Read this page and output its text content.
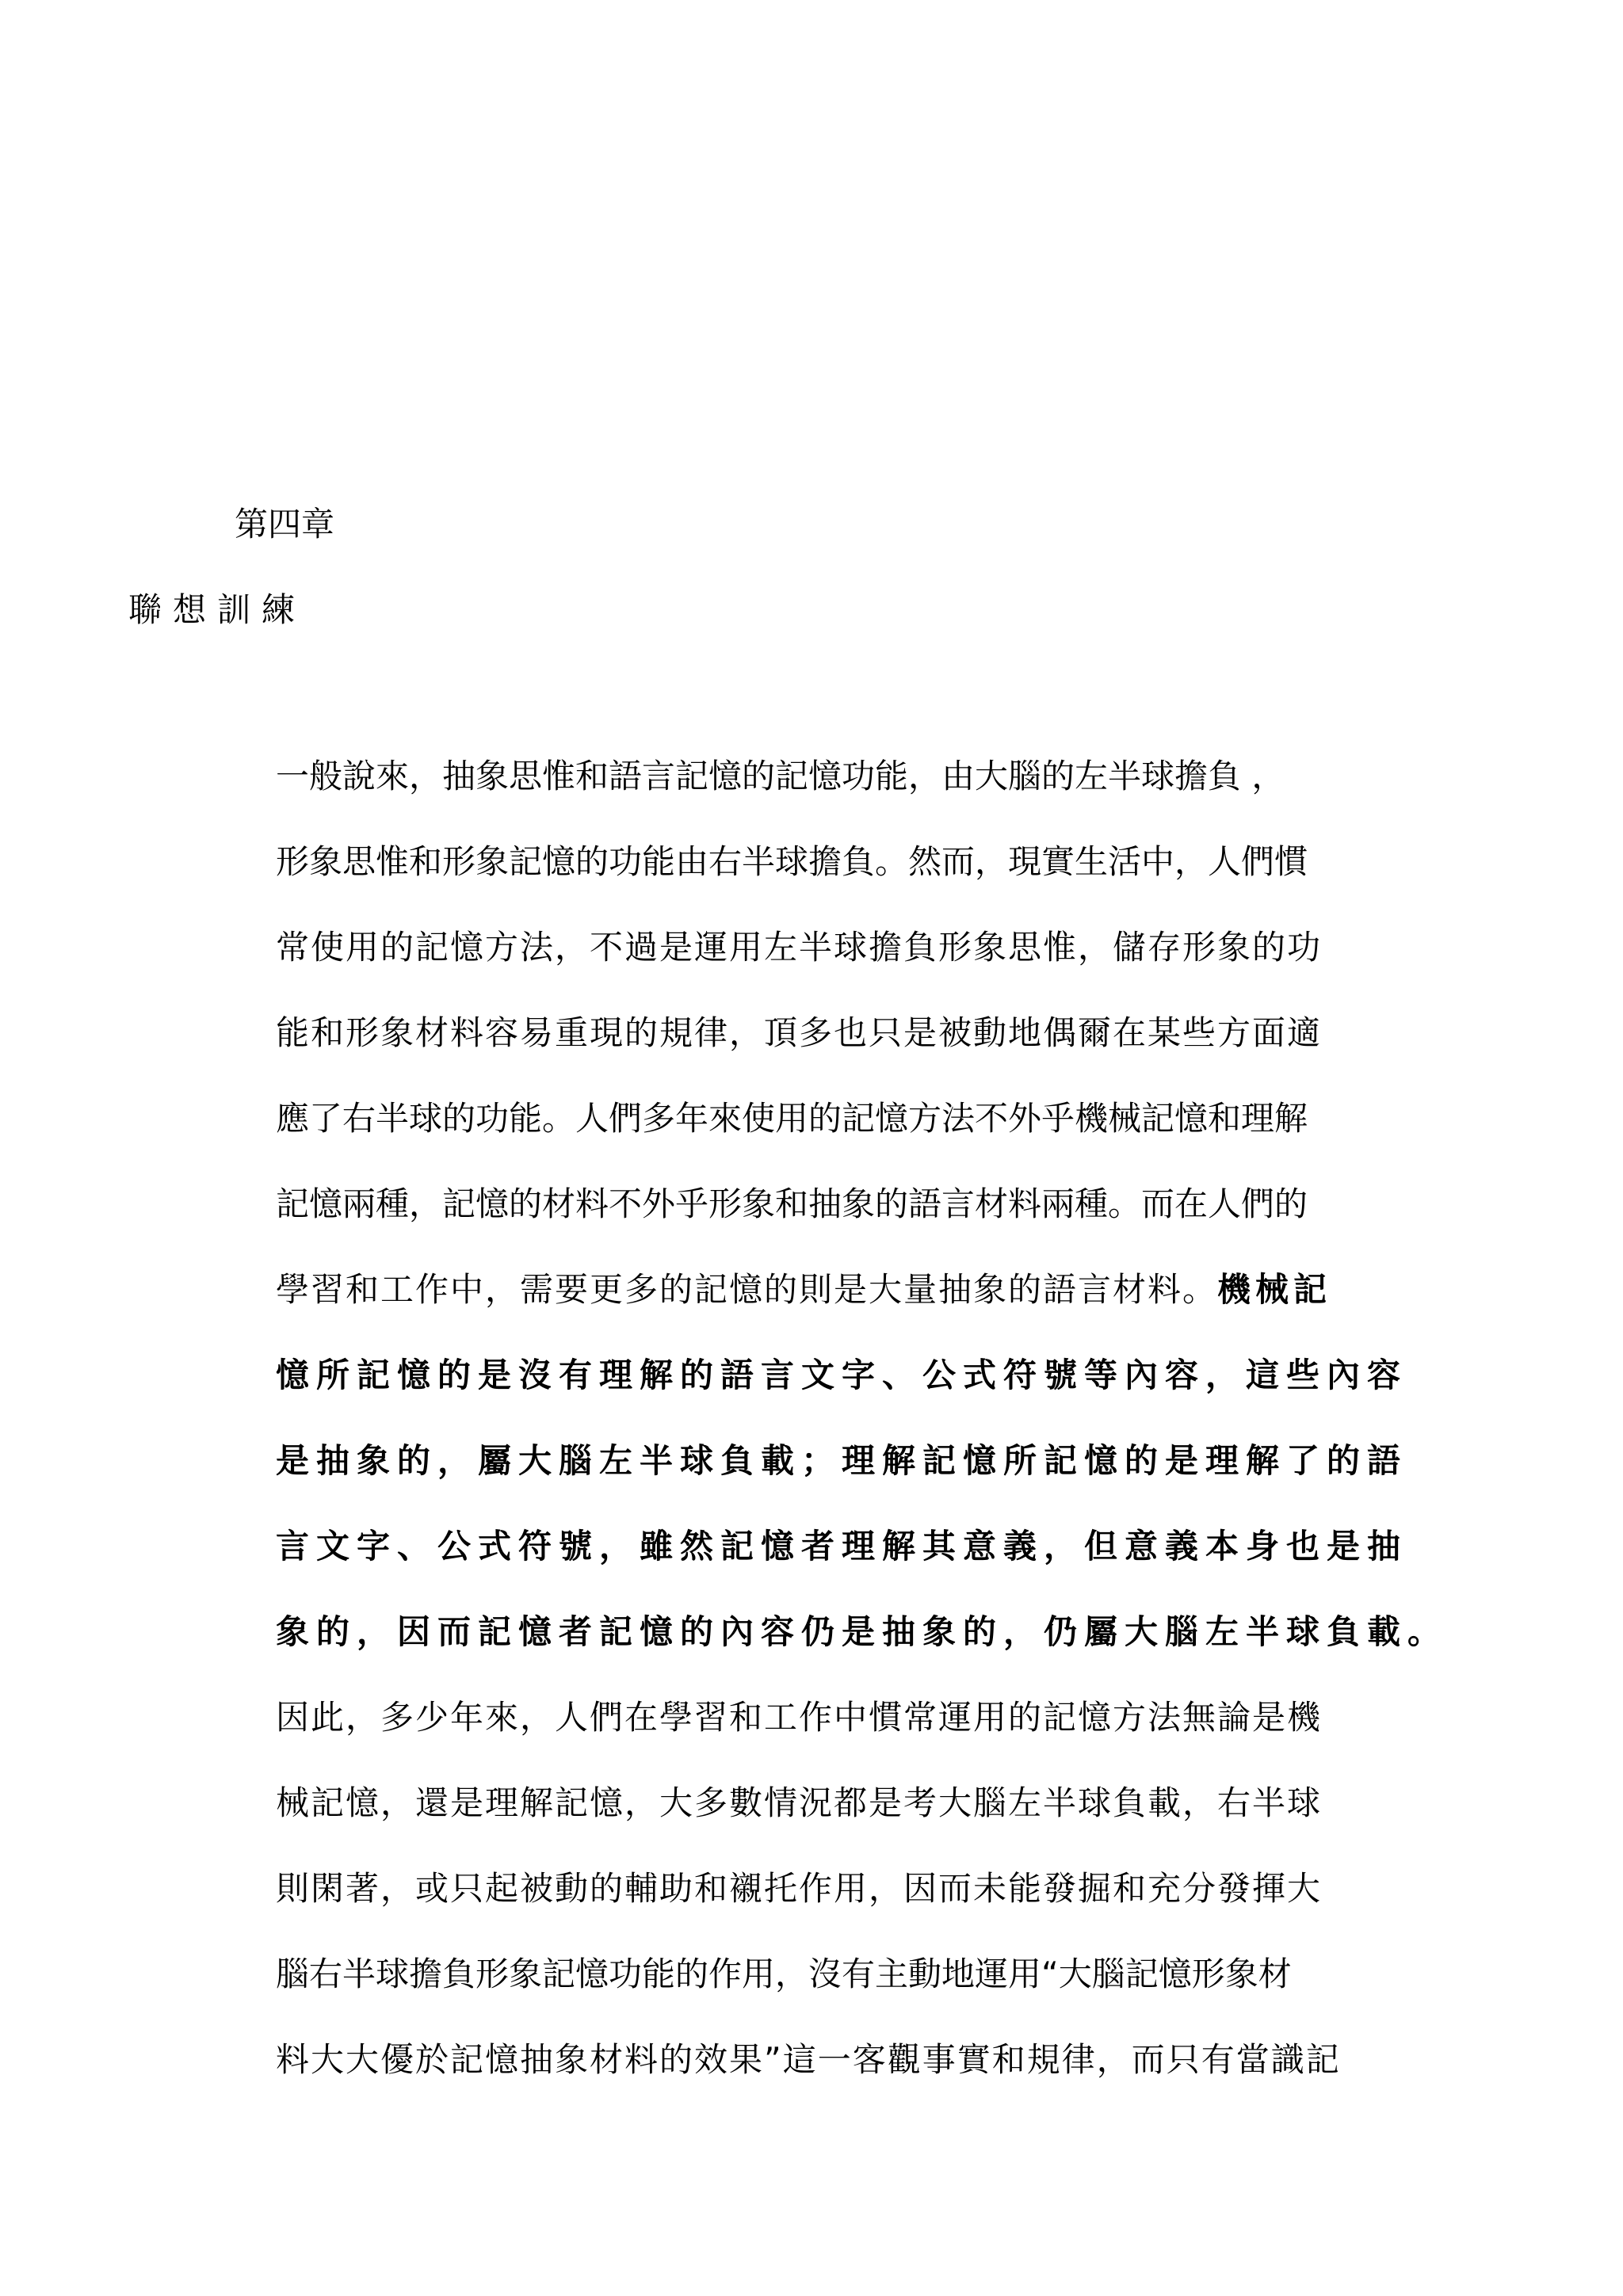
第四章
聯想訓練
一般說來，抽象思惟和語言記憶的記憶功能，由大腦的左半球擔負 ，
形象思惟和形象記憶的功能由右半球擔負。然而，現實生活中，人們慣
常使用的記憶方法，不過是運用左半球擔負形象思惟，儲存形象的功
能和形象材料容易重現的規律，頂多也只是被動地偶爾在某些方面適
應了右半球的功能。人們多年來使用的記憶方法不外乎機械記憶和理解
記憶兩種，記憶的材料不外乎形象和抽象的語言材料兩種。而在人們的
學習和工作中，需要更多的記憶的則是大量抽象的語言材料。機械記
憶所記憶的是沒有理解的語言文字、公式符號等內容，這些內容
是抽象的，屬大腦左半球負載；理解記憶所記憶的是理解了的語
言文字、公式符號，雖然記憶者理解其意義，但意義本身也是抽
象的，因而記憶者記憶的內容仍是抽象的，仍屬大腦左半球負載。
因此，多少年來，人們在學習和工作中慣常運用的記憶方法無論是機
械記憶，還是理解記憶，大多數情況都是考大腦左半球負載，右半球
則閑著，或只起被動的輔助和襯托作用，因而未能發掘和充分發揮大
腦右半球擔負形象記憶功能的作用，沒有主動地運用“大腦記憶形象材
料大大優於記憶抽象材料的效果”這一客觀事實和規律，而只有當識記
